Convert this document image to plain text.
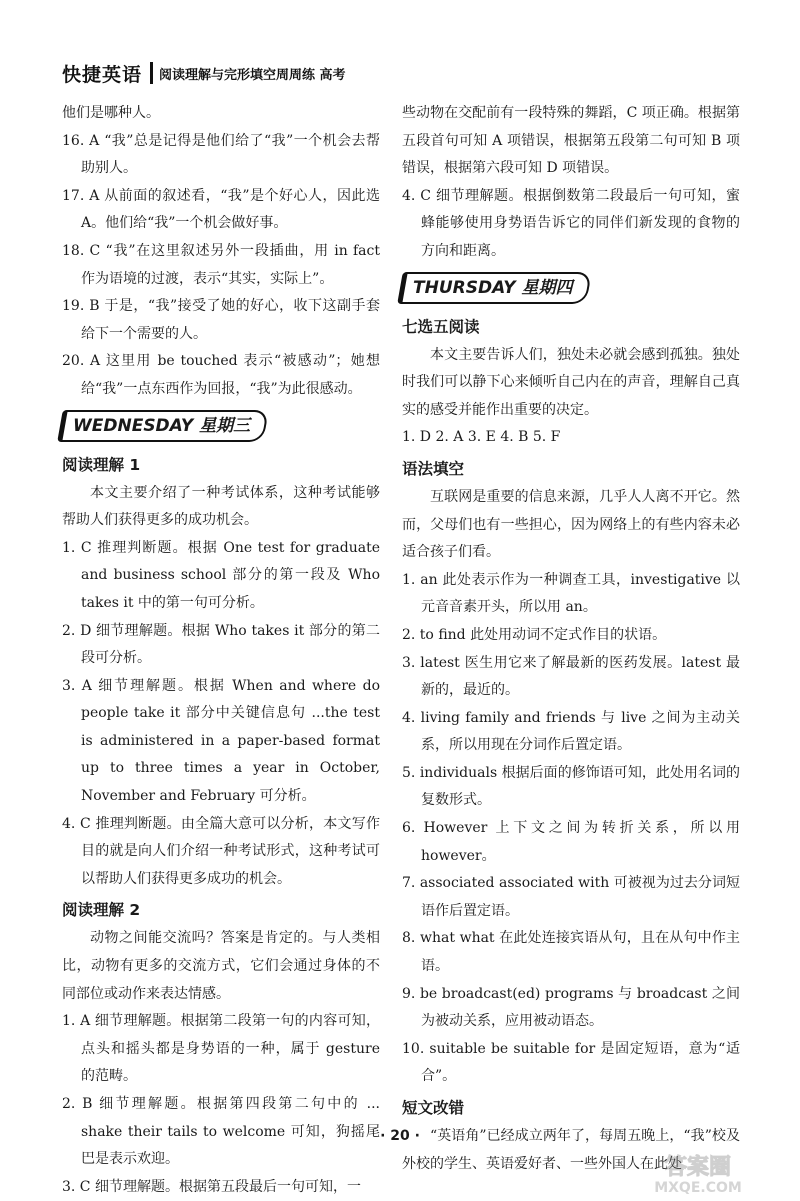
快捷英语 阅读理解与完形填空周周练 高考

他们是哪种人。

16. A “我”总是记得是他们给了“我”一个机会去帮助别人。

17. A 从前面的叙述看，“我”是个好心人，因此选A。他们给“我”一个机会做好事。

18. C “我”在这里叙述另外一段插曲，用 in fact 作为语境的过渡，表示“其实，实际上”。

19. B 于是，“我”接受了她的好心，收下这副手套给下一个需要的人。

20. A 这里用 be touched 表示“被感动”；她想给“我”一点东西作为回报，“我”为此很感动。

WEDNESDAY 星期三
阅读理解 1

本文主要介绍了一种考试体系，这种考试能够帮助人们获得更多的成功机会。

1. C 推理判断题。根据 One test for graduate and business school 部分的第一段及 Who takes it 中的第一句可分析。

2. D 细节理解题。根据 Who takes it 部分的第二段可分析。

3. A 细节理解题。根据 When and where do people take it 部分中关键信息句 ...the test is administered in a paper-based format up to three times a year in October, November and February 可分析。

4. C 推理判断题。由全篇大意可以分析，本文写作目的就是向人们介绍一种考试形式，这种考试可以帮助人们获得更多成功的机会。

阅读理解 2

动物之间能交流吗？答案是肯定的。与人类相比，动物有更多的交流方式，它们会通过身体的不同部位或动作来表达情感。

1. A 细节理解题。根据第二段第一句的内容可知，点头和摇头都是身势语的一种，属于 gesture 的范畴。

2. B 细节理解题。根据第四段第二句中的 ... shake their tails to welcome 可知，狗摇尾巴是表示欢迎。

3. C 细节理解题。根据第五段最后一句可知，一

些动物在交配前有一段特殊的舞蹈，C 项正确。根据第五段首句可知 A 项错误，根据第五段第二句可知 B 项错误，根据第六段可知 D 项错误。

4. C 细节理解题。根据倒数第二段最后一句可知，蜜蜂能够使用身势语告诉它的同伴们新发现的食物的方向和距离。

THURSDAY 星期四
七选五阅读

本文主要告诉人们，独处未必就会感到孤独。独处时我们可以静下心来倾听自己内在的声音，理解自己真实的感受并能作出重要的决定。

1. D 2. A 3. E 4. B 5. F

语法填空

互联网是重要的信息来源，几乎人人离不开它。然而，父母们也有一些担心，因为网络上的有些内容未必适合孩子们看。

1. an 此处表示作为一种调查工具，investigative 以元音音素开头，所以用 an。

2. to find 此处用动词不定式作目的状语。

3. latest 医生用它来了解最新的医药发展。latest 最新的，最近的。

4. living family and friends 与 live 之间为主动关系，所以用现在分词作后置定语。

5. individuals 根据后面的修饰语可知，此处用名词的复数形式。

6. However 上下文之间为转折关系，所以用 however。

7. associated associated with 可被视为过去分词短语作后置定语。

8. what what 在此处连接宾语从句，且在从句中作主语。

9. be broadcast(ed) programs 与 broadcast 之间为被动关系，应用被动语态。

10. suitable be suitable for 是固定短语，意为“适合”。

短文改错

“英语角”已经成立两年了，每周五晚上，“我”校及外校的学生、英语爱好者、一些外国人在此处

· 20 ·
答案圈
MXQE.COM
